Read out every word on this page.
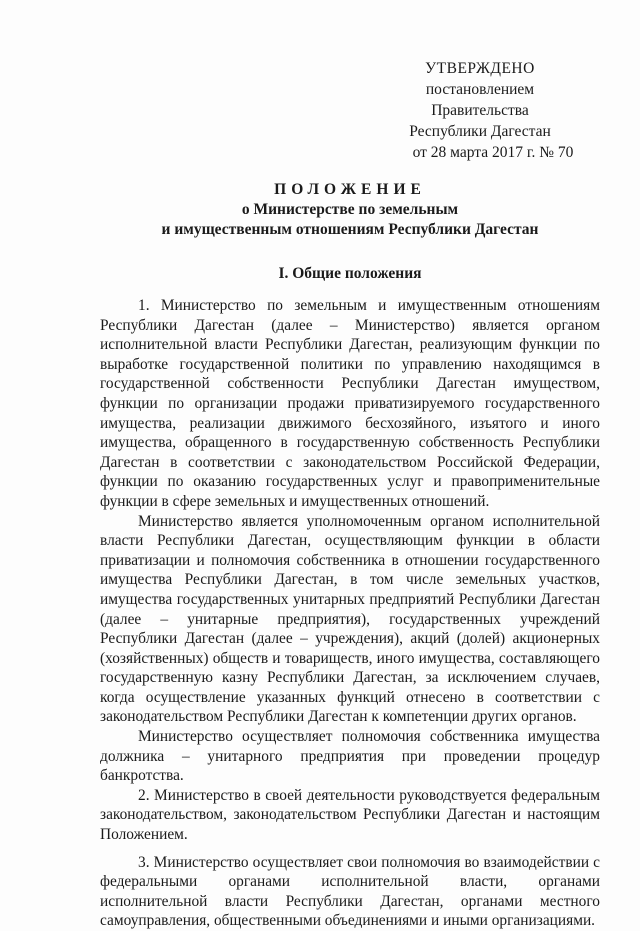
УТВЕРЖДЕНО
постановлением Правительства
Республики Дагестан
от 28 марта 2017 г. № 70
ПОЛОЖЕНИЕ
о Министерстве по земельным
и имущественным отношениям Республики Дагестан
I. Общие положения

1. Министерство по земельным и имущественным отношениям Республики Дагестан (далее – Министерство) является органом исполнительной власти Республики Дагестан, реализующим функции по выработке государственной политики по управлению находящимся в государственной собственности Республики Дагестан имуществом, функции по организации продажи приватизируемого государственного имущества, реализации движимого бесхозяйного, изъятого и иного имущества, обращенного в государственную собственность Республики Дагестан в соответствии с законодательством Российской Федерации, функции по оказанию государственных услуг и правоприменительные функции в сфере земельных и имущественных отношений.

Министерство является уполномоченным органом исполнительной власти Республики Дагестан, осуществляющим функции в области приватизации и полномочия собственника в отношении государственного имущества Республики Дагестан, в том числе земельных участков, имущества государственных унитарных предприятий Республики Дагестан (далее – унитарные предприятия), государственных учреждений Республики Дагестан (далее – учреждения), акций (долей) акционерных (хозяйственных) обществ и товариществ, иного имущества, составляющего государственную казну Республики Дагестан, за исключением случаев, когда осуществление указанных функций отнесено в соответствии с законодательством Республики Дагестан к компетенции других органов.

Министерство осуществляет полномочия собственника имущества должника – унитарного предприятия при проведении процедур банкротства.

2. Министерство в своей деятельности руководствуется федеральным законодательством, законодательством Республики Дагестан и настоящим Положением.

3. Министерство осуществляет свои полномочия во взаимодействии с федеральными органами исполнительной власти, органами исполнительной власти Республики Дагестан, органами местного самоуправления, общественными объединениями и иными организациями.
